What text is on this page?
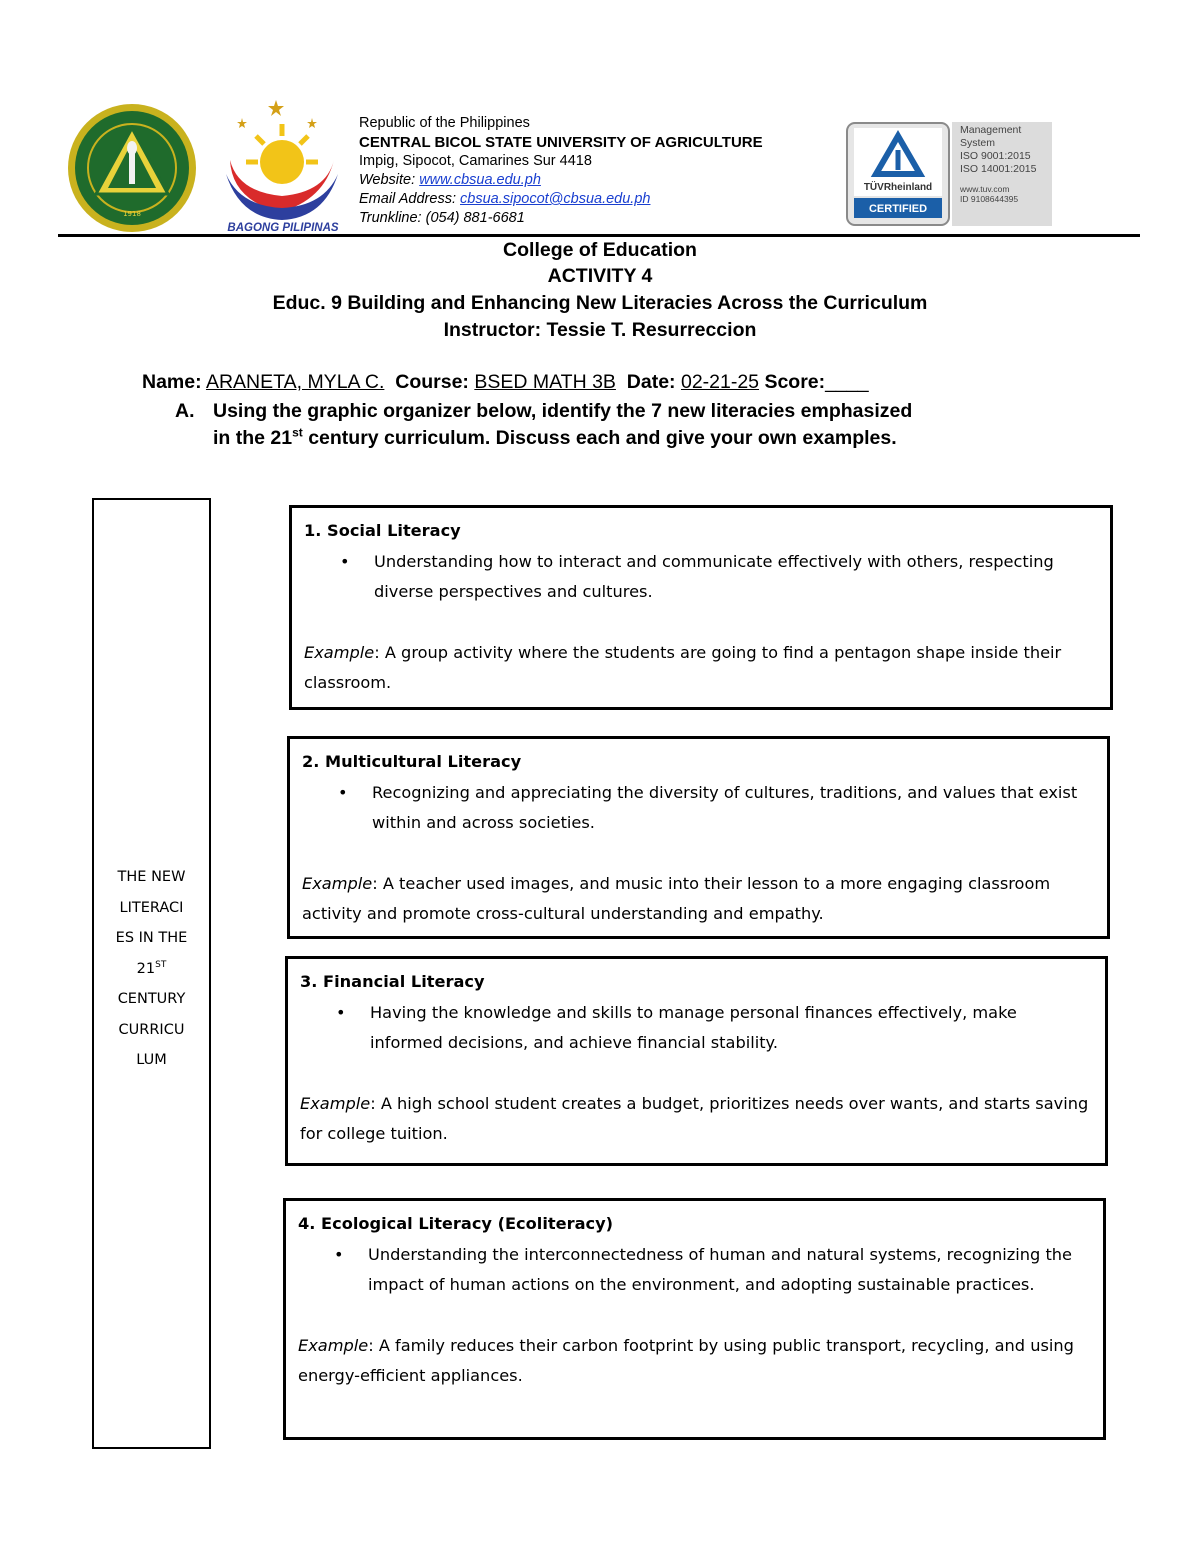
1918
BAGONG PILIPINAS
Republic of the Philippines
CENTRAL BICOL STATE UNIVERSITY OF AGRICULTURE
Impig, Sipocot, Camarines Sur 4418
Website: www.cbsua.edu.ph
Email Address: cbsua.sipocot@cbsua.edu.ph
Trunkline: (054) 881-6681
TÜVRheinland
CERTIFIED
Management
System
ISO 9001:2015
ISO 14001:2015
www.tuv.com
ID 9108644395
College of Education
ACTIVITY 4
Educ. 9 Building and Enhancing New Literacies Across the Curriculum
Instructor: Tessie T. Resurreccion
Name: ARANETA, MYLA C. Course: BSED MATH 3B Date: 02-21-25 Score:____
A. Using the graphic organizer below, identify the 7 new literacies emphasized
in the 21st century curriculum. Discuss each and give your own examples.
THE NEW
LITERACI
ES IN THE
21ST
CENTURY
CURRICU
LUM
1. Social Literacy
• Understanding how to interact and communicate effectively with others, respecting diverse perspectives and cultures.
Example: A group activity where the students are going to find a pentagon shape inside their classroom.
2. Multicultural Literacy
• Recognizing and appreciating the diversity of cultures, traditions, and values that exist within and across societies.
Example: A teacher used images, and music into their lesson to a more engaging classroom activity and promote cross-cultural understanding and empathy.
3. Financial Literacy
• Having the knowledge and skills to manage personal finances effectively, make informed decisions, and achieve financial stability.
Example: A high school student creates a budget, prioritizes needs over wants, and starts saving for college tuition.
4. Ecological Literacy (Ecoliteracy)
• Understanding the interconnectedness of human and natural systems, recognizing the impact of human actions on the environment, and adopting sustainable practices.
Example: A family reduces their carbon footprint by using public transport, recycling, and using energy-efficient appliances.
